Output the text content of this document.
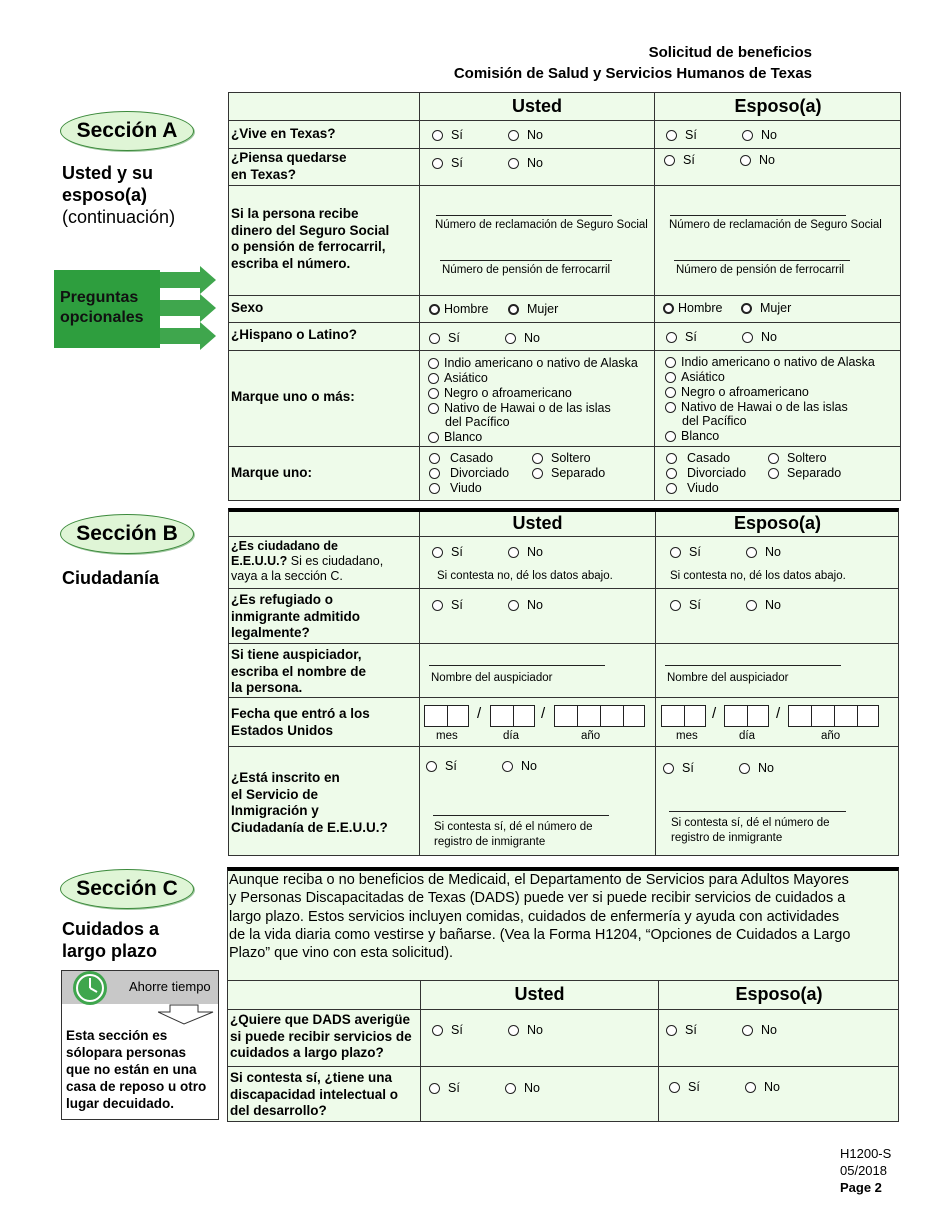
Solicitud de beneficios
Comisión de Salud y Servicios Humanos de Texas
Sección A
Usted y su
esposo(a)
(continuación)
Preguntas
opcionales
Usted	Esposo(a)
¿Vive en Texas?	Sí	No	Sí	No
¿Piensa quedarse
en Texas?
Sí	No	Sí	No
Si la persona recibe
dinero del Seguro Social
o pensión de ferrocarril,
escriba el número.
Número de reclamación de Seguro Social
Número de pensión de ferrocarril
Número de reclamación de Seguro Social
Número de pensión de ferrocarril
Sexo	Hombre	Mujer	Hombre	Mujer
¿Hispano o Latino?	Sí	No	Sí	No
Marque uno o más:
Indio americano o nativo de Alaska
Asiático
Negro o afroamericano
Nativo de Hawai o de las islas
del Pacífico
Blanco
Indio americano o nativo de Alaska
Asiático
Negro o afroamericano
Nativo de Hawai o de las islas
del Pacífico
Blanco
Marque uno:
Casado	Soltero
Divorciado	Separado
Viudo
Casado	Soltero
Divorciado	Separado
Viudo
Sección B
Ciudadanía
Usted	Esposo(a)
¿Es ciudadano de
E.E.U.U.? Si es ciudadano,
vaya a la sección C.
Sí	No
Si contesta no, dé los datos abajo.
Sí	No
Si contesta no, dé los datos abajo.
¿Es refugiado o
inmigrante admitido
legalmente?
Sí	No	Sí	No
Si tiene auspiciador,
escriba el nombre de
la persona.
Nombre del auspiciador	Nombre del auspiciador
Fecha que entró a los
Estados Unidos
/	/
mes	día	año
/	/
mes	día	año
¿Está inscrito en
el Servicio de
Inmigración y
Ciudadanía de E.E.U.U.?
Sí	No
Si contesta sí, dé el número de
registro de inmigrante
Sí	No
Si contesta sí, dé el número de
registro de inmigrante
Sección C
Cuidados a
largo plazo
Ahorre tiempo
Esta sección es
sólopara personas
que no están en una
casa de reposo u otro
lugar decuidado.
Aunque reciba o no beneficios de Medicaid, el Departamento de Servicios para Adultos Mayores
y Personas Discapacitadas de Texas (DADS) puede ver si puede recibir servicios de cuidados a
largo plazo. Estos servicios incluyen comidas, cuidados de enfermería y ayuda con actividades
de la vida diaria como vestirse y bañarse. (Vea la Forma H1204, “Opciones de Cuidados a Largo
Plazo” que vino con esta solicitud).
Usted	Esposo(a)
¿Quiere que DADS averigüe
si puede recibir servicios de
cuidados a largo plazo?
Sí	No	Sí	No
Si contesta sí, ¿tiene una
discapacidad intelectual o
del desarrollo?
Sí	No	Sí	No
H1200-S
05/2018
Page 2
